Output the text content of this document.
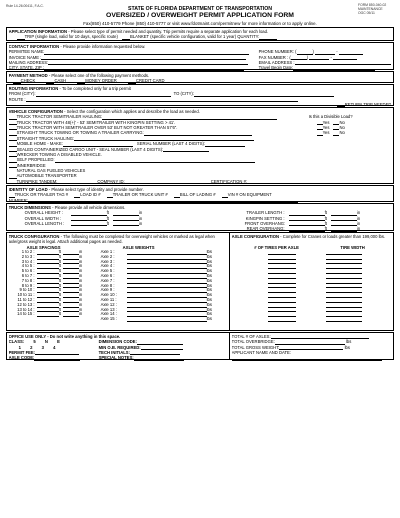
Rule 14-26.00411, F.A.C.	FORM 850-040-02
MAINTENANCE
OGC 05/11
STATE OF FLORIDA DEPARTMENT OF TRANSPORTATION
OVERSIZED / OVERWEIGHT PERMIT APPLICATION FORM
Fax(850) 410-5779 Phone (850) 410-5777 or visit www.fdotmaint.com/permitnew for more information or to apply online.
APPLICATION INFORMATION - Please select type of permit needed and quantity. Trip permits require a separate application for each load.
TRIP (single load, valid for 10 days, specific route)	BLANKET (specific vehicle configuration, valid for 1 year) QUANTITY:
CONTACT INFORMATION - Please provide information requested below.
PERMITEE NAME:	PHONE NUMBER: (	)	-
INVOICE NAME :	FAX NUMBER : (	)	-
MAILING ADDRESS:	EMAIL ADDRESS :
CITY, STATE, ZIP :	Travel Begin Date:
PAYMENT METHOD - Please select one of the following payment methods.
CHECK	CASH	MONEY ORDER	CREDIT CARD
ROUTING INFORMATION - To be completed only for a trip permit
FROM (CITY):	TO (CITY):
ROUTE :
RETURN TRIP NEEDED
VEHICLE CONFIGURATION - Select the configuration which applies and describe the load as needed.
TRUCK TRACTOR SEMITRAILER HAULING:	Is this a Divisible Load?
TRUCK TRACTOR WITH 48(+)' - 53' SEMITRAILER WITH KINGPIN SETTING > 41'.	Yes No
TRUCK TRACTOR WITH SEMITRAILER OVER 53' BUT NOT GREATER THAN 57'6".	Yes No
STRAIGHT TRUCK TOWING OR TOWING A TRAILER CARRYING:	Yes No
STRAIGHT TRUCK HAULING:
MOBILE HOME - MAKE:	SERIAL NUMBER (LAST 4 DIGITS):
SEALED CONTAINERIZED CARGO UNIT - SEAL NUMBER (LAST 4 DIGITS):
WRECKER TOWING A DISABLED VEHICLE.
SELF PROPELLED:
INNERBRIDGE
NATURAL GAS FUELED VEHICLES
AUTOMOBILE TRANSPORTER
TURNPIKE TANDEM:	COMPANY ID:	CERTIFICATION #:
IDENTITY OF LOAD - Please select type of identity and provide number.
TRUCK OR TRAILER TAG #	LOAD ID #	TRAILER OR TRUCK UNIT #	BILL OF LADING #	VIN # ON EQUIPMENT
NUMBER:
TRUCK DIMENSIONS - Please provide all vehicle dimensions.
OVERALL HEIGHT :	ft	in	TRAILER LENGTH :	ft	in
OVERALL WIDTH :	ft	in	KINGPIN SETTING :	ft	in
OVERALL LENGTH :	ft	in	FRONT OVERHANG:	ft	in
REAR OVERHANG:	ft	in
TRUCK CONFIGURATION - The following must be completed for overweight vehicles or marked as legal when axle/gross weight is legal. Attach additional pages as needed.
AXLE SPACINGS	AXLE WEIGHTS
1 to 2 :	ft	in	Axle 1 :	lbs
2 to 3 :	ft	in	Axle 2 :	lbs
3 to 4 :	ft	in	Axle 3 :	lbs
4 to 5 :	ft	in	Axle 4 :	lbs
5 to 6 :	ft	in	Axle 5 :	lbs
6 to 7 :	ft	in	Axle 6 :	lbs
7 to 8 :	ft	in	Axle 7 :	lbs
8 to 9 :	ft	in	Axle 8 :	lbs
9 to 10 :	ft	in	Axle 9 :	lbs
10 to 11 :	ft	in	Axle 10 :	lbs
11 to 12 :	ft	in	Axle 11 :	lbs
12 to 13 :	ft	in	Axle 12 :	lbs
13 to 14 :	ft	in	Axle 13 :	lbs
14 to 15 :	ft	in	Axle 14 :	lbs
Axle 15 :	lbs
AXLE CONFIGURATION - Complete for Cranes or loads greater than 199,000 lbs.
# OF TIRES PER AXLE	TIRE WIDTH
OFFICE USE ONLY - Do not write anything in this space.
CLASS: 5 N E	DIMENSION CODE:
1 2 3 4	MIN O.B. REQUIRED:
PERMIT FEE:	TECH INITIALS:
AXLE CODE:	SPECIAL NOTES:
TOTAL # OF AXLES:
TOTAL OVERBRIDGE:	lbs
TOTAL GROSS WEIGHT:	lbs
APPLICANT NAME AND DATE:
